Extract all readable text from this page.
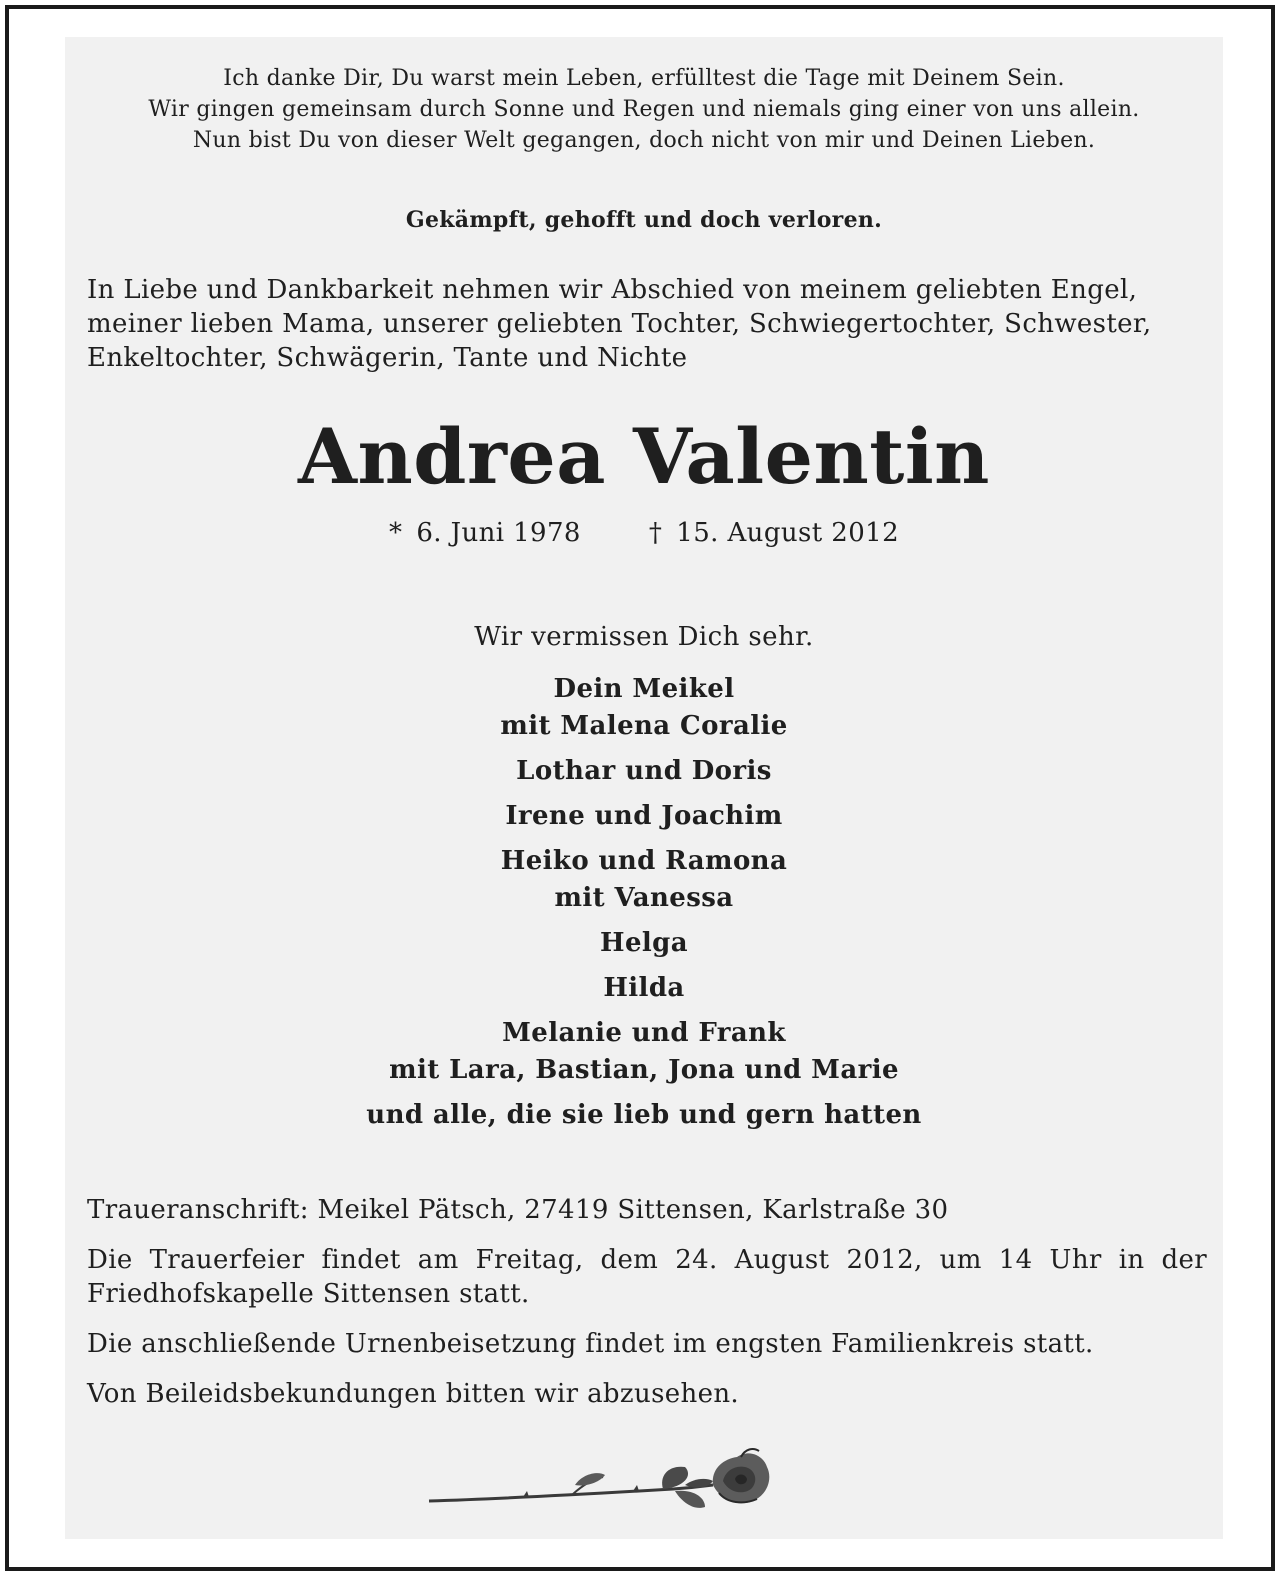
Ich danke Dir, Du warst mein Leben, erfülltest die Tage mit Deinem Sein.
Wir gingen gemeinsam durch Sonne und Regen und niemals ging einer von uns allein.
Nun bist Du von dieser Welt gegangen, doch nicht von mir und Deinen Lieben.
Gekämpft, gehofft und doch verloren.
In Liebe und Dankbarkeit nehmen wir Abschied von meinem geliebten Engel,
meiner lieben Mama, unserer geliebten Tochter, Schwiegertochter, Schwester,
Enkeltochter, Schwägerin, Tante und Nichte
Andrea Valentin
* 6. Juni 1978	† 15. August 2012
Wir vermissen Dich sehr.
Dein Meikel
mit Malena Coralie
Lothar und Doris
Irene und Joachim
Heiko und Ramona
mit Vanessa
Helga
Hilda
Melanie und Frank
mit Lara, Bastian, Jona und Marie
und alle, die sie lieb und gern hatten

Traueranschrift: Meikel Pätsch, 27419 Sittensen, Karlstraße 30

Die Trauerfeier findet am Freitag, dem 24. August 2012, um 14 Uhr in der Friedhofskapelle Sittensen statt.

Die anschließende Urnenbeisetzung findet im engsten Familienkreis statt.

Von Beileidsbekundungen bitten wir abzusehen.
